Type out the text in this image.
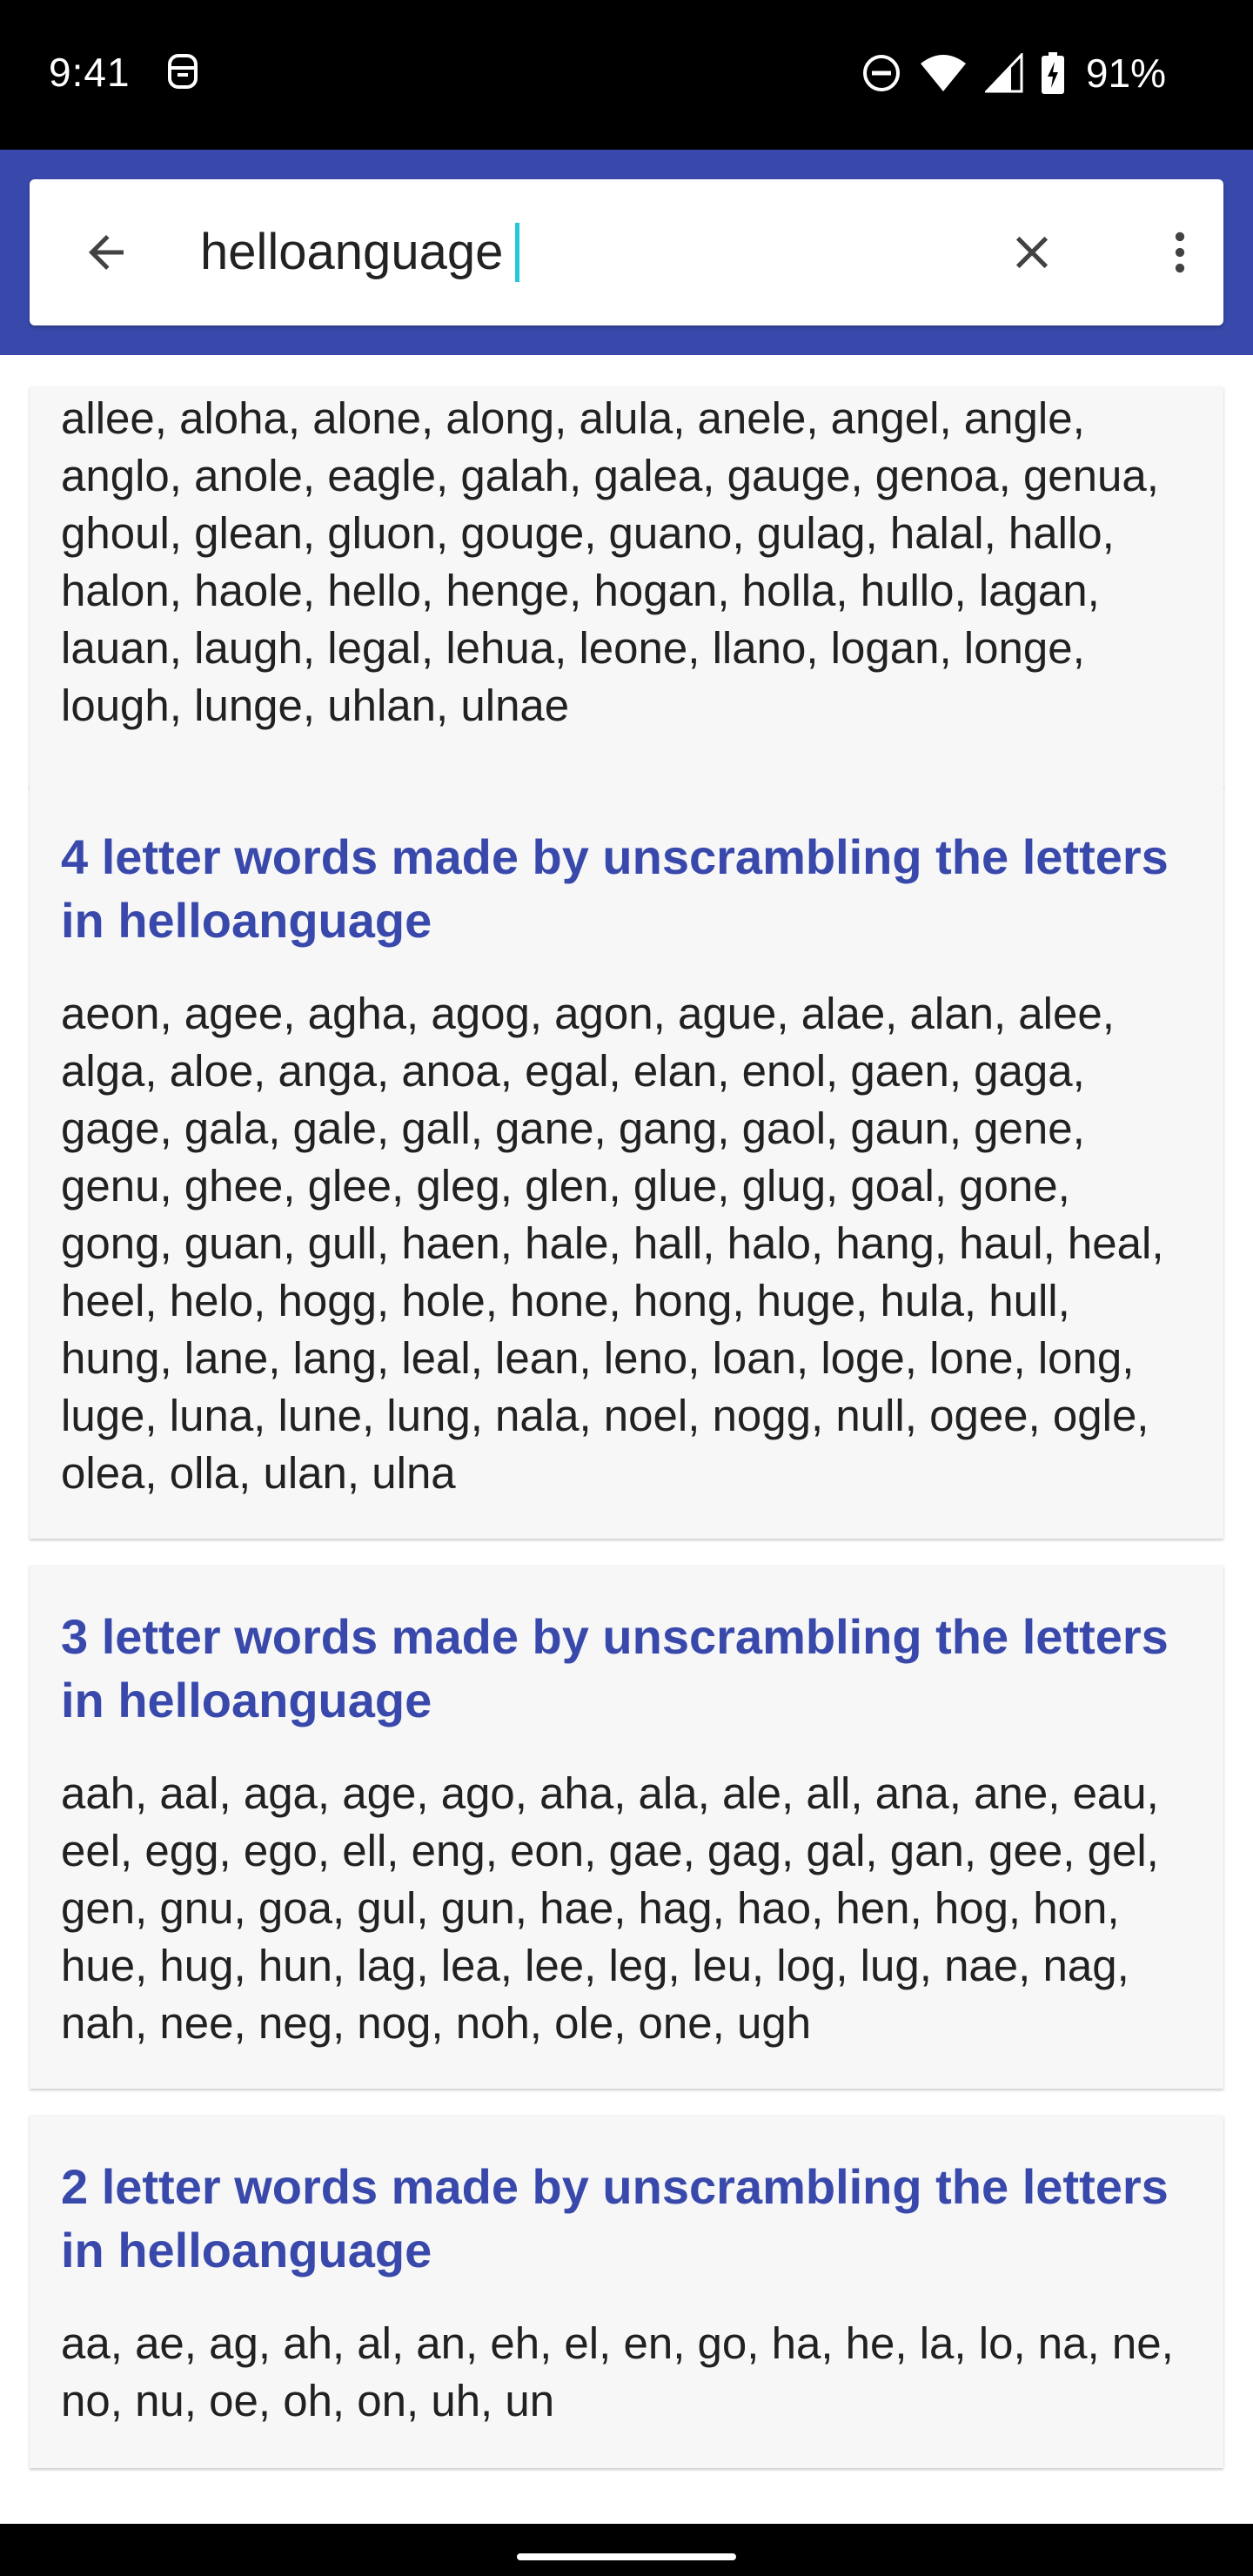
9:41	91%
helloanguage

allee, aloha, alone, along, alula, anele, angel, angle, anglo, anole, eagle, galah, galea, gauge, genoa, genua, ghoul, glean, gluon, gouge, guano, gulag, halal, hallo, halon, haole, hello, henge, hogan, holla, hullo, lagan, lauan, laugh, legal, lehua, leone, llano, logan, longe, lough, lunge, uhlan, ulnae

4 letter words made by unscrambling the letters in helloanguage

aeon, agee, agha, agog, agon, ague, alae, alan, alee, alga, aloe, anga, anoa, egal, elan, enol, gaen, gaga, gage, gala, gale, gall, gane, gang, gaol, gaun, gene, genu, ghee, glee, gleg, glen, glue, glug, goal, gone, gong, guan, gull, haen, hale, hall, halo, hang, haul, heal, heel, helo, hogg, hole, hone, hong, huge, hula, hull, hung, lane, lang, leal, lean, leno, loan, loge, lone, long, luge, luna, lune, lung, nala, noel, nogg, null, ogee, ogle, olea, olla, ulan, ulna

3 letter words made by unscrambling the letters in helloanguage

aah, aal, aga, age, ago, aha, ala, ale, all, ana, ane, eau, eel, egg, ego, ell, eng, eon, gae, gag, gal, gan, gee, gel, gen, gnu, goa, gul, gun, hae, hag, hao, hen, hog, hon, hue, hug, hun, lag, lea, lee, leg, leu, log, lug, nae, nag, nah, nee, neg, nog, noh, ole, one, ugh

2 letter words made by unscrambling the letters in helloanguage

aa, ae, ag, ah, al, an, eh, el, en, go, ha, he, la, lo, na, ne, no, nu, oe, oh, on, uh, un
